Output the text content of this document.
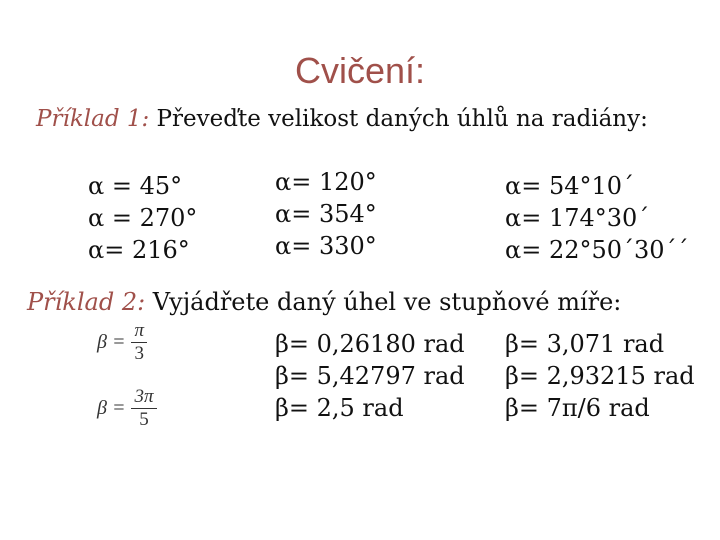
Cvičení:
Příklad 1: Převeďte velikost daných úhlů na radiány:
α = 45°
α = 270°
α= 216°
α= 120°
α= 354°
α= 330°
α= 54°10´
α= 174°30´
α= 22°50´30´´
Příklad 2: Vyjádřete daný úhel ve stupňové míře:
$\beta = \frac{\pi}{3}$
$\beta = \frac{3\pi}{5}$
β= 0,26180 rad
β= 5,42797 rad
β= 2,5 rad
β= 3,071 rad
β= 2,93215 rad
β= 7π/6 rad
